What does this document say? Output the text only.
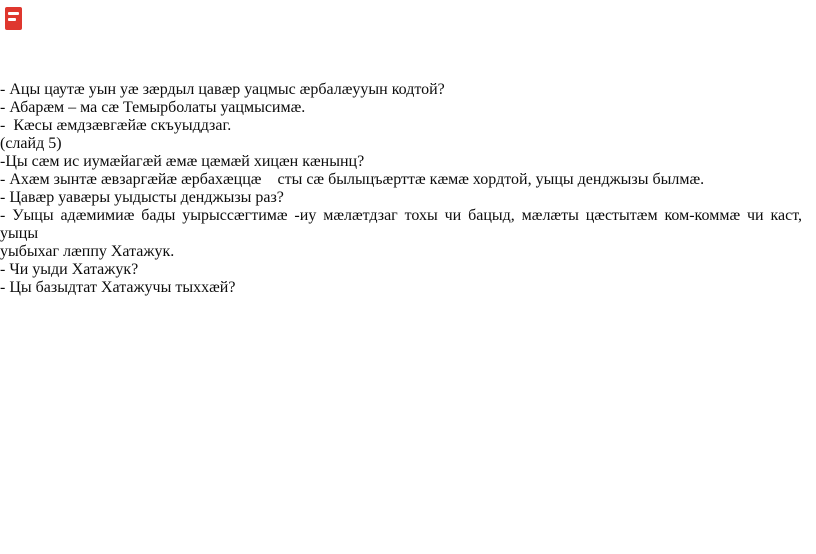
- Ацы цаутæ уын уæ зæрдыл цавæр уацмыс æрбалæууын кодтой?

- Абарæм – ма сæ Темырболаты уацмысимæ.

-  Кæсы æмдзæвгæйæ скъуыддзаг.

(слайд 5)

-Цы сæм ис иумæйагæй æмæ цæмæй хицæн кæнынц?

- Ахæм зынтæ æвзаргæйæ æрбахæццæ    сты сæ былыцъæрттæ кæмæ хордтой, уыцы денджызы былмæ.

- Цавæр уавæры уыдысты денджызы раз?

- Уыцы адæмимиæ бады уырыссæгтимæ -иу мæлæтдзаг тохы чи бацыд, мæлæты цæстытæм ком-коммæ чи каст, уыцы

уыбыхаг лæппу Хатажук.

- Чи уыди Хатажук?

- Цы базыдтат Хатажучы тыххæй?
